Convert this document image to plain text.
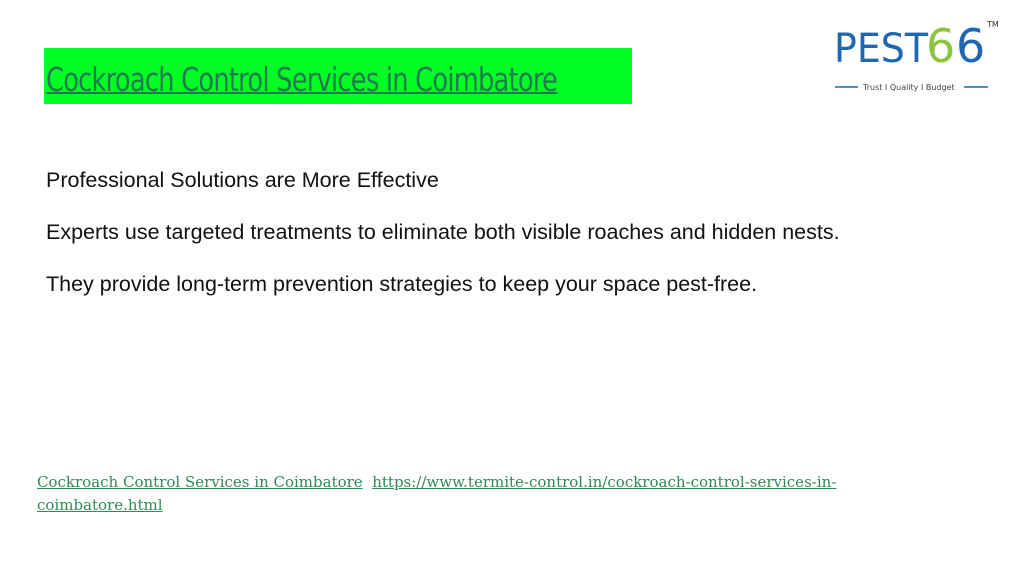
Cockroach Control Services in Coimbatore
PEST
6 6 TM
Trust I Quality I Budget

Professional Solutions are More Effective

Experts use targeted treatments to eliminate both visible roaches and hidden nests.

They provide long-term prevention strategies to keep your space pest-free.

Cockroach Control Services in Coimbatore https://www.termite-control.in/cockroach-control-services-in-coimbatore.html
